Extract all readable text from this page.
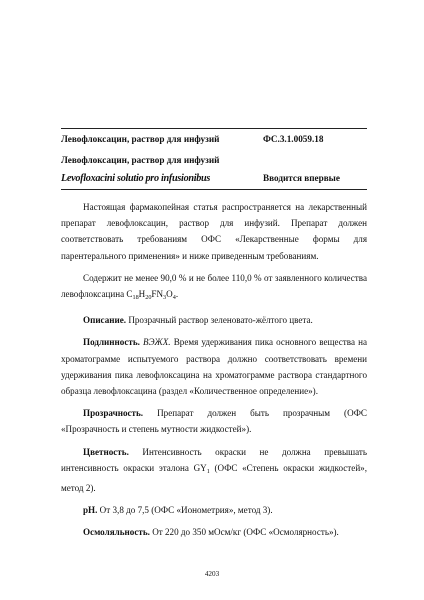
Левофлоксацин, раствор для инфузий	ФС.3.1.0059.18
Левофлоксацин, раствор для инфузий
Levofloxacini solutio pro infusionibus	Вводится впервые

Настоящая фармакопейная статья распространяется на лекарственный препарат левофлоксацин, раствор для инфузий. Препарат должен соответствовать требованиям ОФС «Лекарственные формы для парентерального применения» и ниже приведенным требованиям.

Содержит не менее 90,0 % и не более 110,0 % от заявленного количества левофлоксацина $C_{18}H_{20}FN_3O_4$.

Описание. Прозрачный раствор зеленовато-жёлтого цвета.

Подлинность. ВЭЖХ. Время удерживания пика основного вещества на хроматограмме испытуемого раствора должно соответствовать времени удерживания пика левофлоксацина на хроматограмме раствора стандартного образца левофлоксацина (раздел «Количественное определение»).

Прозрачность. Препарат должен быть прозрачным (ОФС «Прозрачность и степень мутности жидкостей»).

Цветность. Интенсивность окраски не должна превышать интенсивность окраски эталона $GY_1$ (ОФС «Степень окраски жидкостей», метод 2).

pH. От 3,8 до 7,5 (ОФС «Ионометрия», метод 3).

Осмоляльность. От 220 до 350 мОсм/кг (ОФС «Осмолярность»).

4203
